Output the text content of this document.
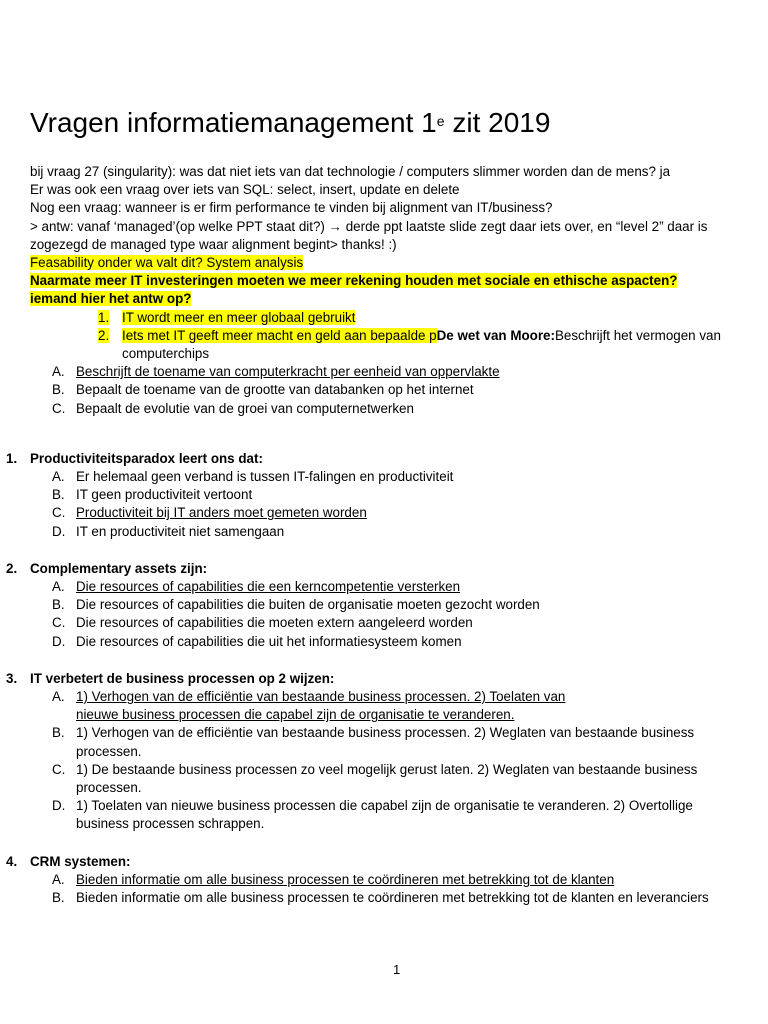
Vragen informatiemanagement 1e zit 2019
bij vraag 27 (singularity): was dat niet iets van dat technologie / computers slimmer worden dan de mens? ja
Er was ook een vraag over iets van SQL: select, insert, update en delete
Nog een vraag: wanneer is er firm performance te vinden bij alignment van IT/business?
> antw: vanaf ‘managed’(op welke PPT staat dit?) → derde ppt laatste slide zegt daar iets over, en “level 2” daar is
zogezegd de managed type waar alignment begint> thanks! :)
Feasability onder wa valt dit? System analysis
Naarmate meer IT investeringen moeten we meer rekening houden met sociale en ethische aspacten?
iemand hier het antw op?
1. IT wordt meer en meer globaal gebruikt
2. Iets met IT geeft meer macht en geld aan bepaalde pDe wet van Moore:Beschrijft het vermogen van
computerchips
A. Beschrijft de toename van computerkracht per eenheid van oppervlakte
B. Bepaalt de toename van de grootte van databanken op het internet
C. Bepaalt de evolutie van de groei van computernetwerken
1. Productiviteitsparadox leert ons dat:
A. Er helemaal geen verband is tussen IT-falingen en productiviteit
B. IT geen productiviteit vertoont
C. Productiviteit bij IT anders moet gemeten worden
D. IT en productiviteit niet samengaan
2. Complementary assets zijn:
A. Die resources of capabilities die een kerncompetentie versterken
B. Die resources of capabilities die buiten de organisatie moeten gezocht worden
C. Die resources of capabilities die moeten extern aangeleerd worden
D. Die resources of capabilities die uit het informatiesysteem komen
3. IT verbetert de business processen op 2 wijzen:
A. 1) Verhogen van de efficiëntie van bestaande business processen. 2) Toelaten van
nieuwe business processen die capabel zijn de organisatie te veranderen.
B. 1) Verhogen van de efficiëntie van bestaande business processen. 2) Weglaten van bestaande business
processen.
C. 1) De bestaande business processen zo veel mogelijk gerust laten. 2) Weglaten van bestaande business
processen.
D. 1) Toelaten van nieuwe business processen die capabel zijn de organisatie te veranderen. 2) Overtollige
business processen schrappen.
4. CRM systemen:
A. Bieden informatie om alle business processen te coördineren met betrekking tot de klanten
B. Bieden informatie om alle business processen te coördineren met betrekking tot de klanten en leveranciers
1
